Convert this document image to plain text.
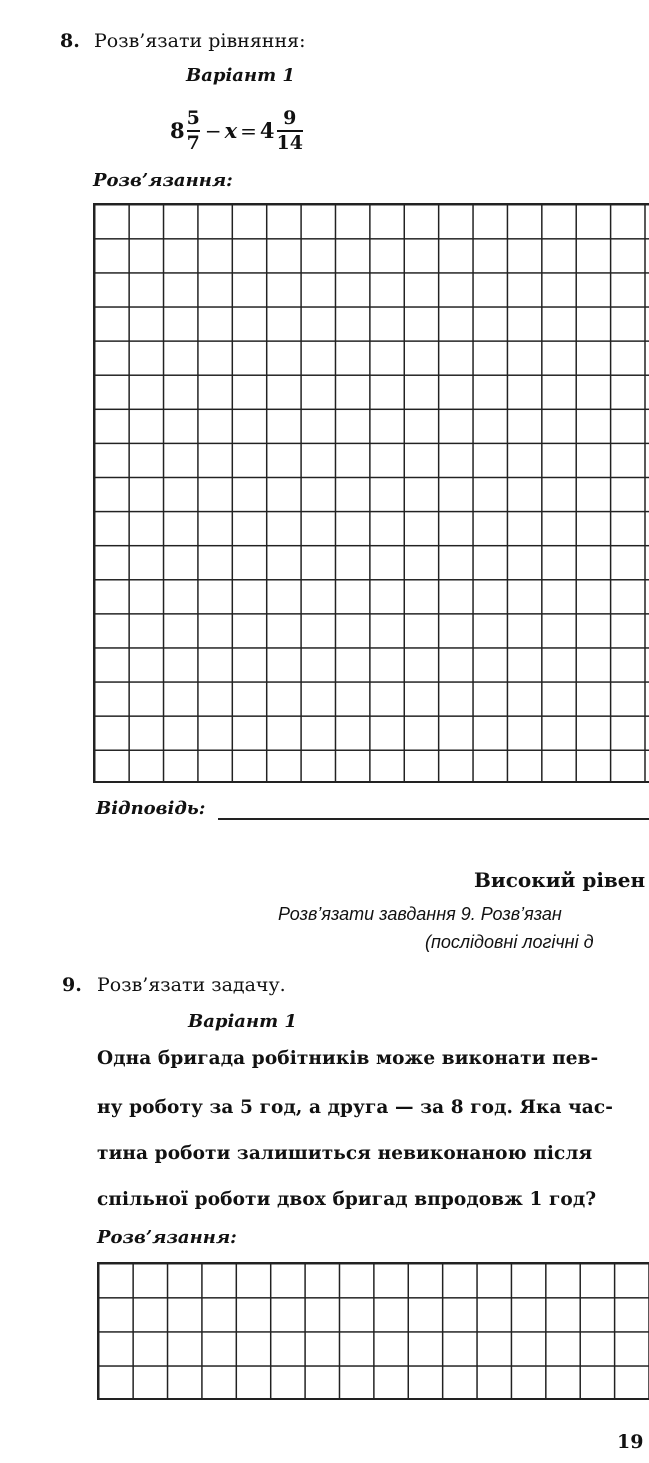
8. Розв’язати рівняння:
Варіант 1
$8 \frac{5}{7} - x = 4 \frac{9}{14}$
Розв’язання:
Відповідь:
Високий рівен
Розв’язати завдання 9. Розв’язан
(послідовні логічні д
9. Розв’язати задачу.
Варіант 1
Одна бригада робітників може виконати пев-
ну роботу за 5 год, а друга — за 8 год. Яка час-
тина роботи залишиться невиконаною після
спільної роботи двох бригад впродовж 1 год?
Розв’язання:
19
